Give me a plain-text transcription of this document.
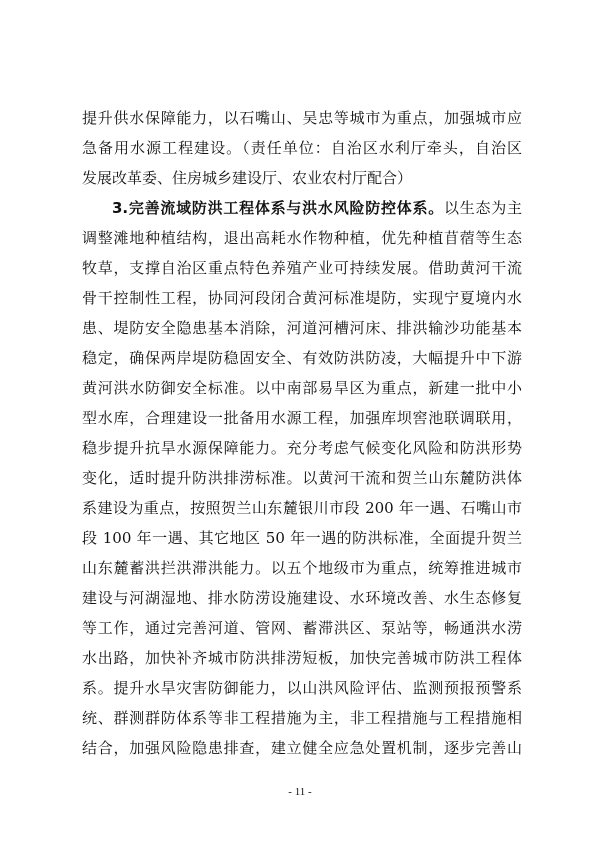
提升供水保障能力，以石嘴山、吴忠等城市为重点，加强城市应
急备用水源工程建设。（责任单位：自治区水利厅牵头，自治区
发展改革委、住房城乡建设厅、农业农村厅配合）
3.完善流域防洪工程体系与洪水风险防控体系。以生态为主
调整滩地种植结构，退出高耗水作物种植，优先种植苜蓿等生态
牧草，支撑自治区重点特色养殖产业可持续发展。借助黄河干流
骨干控制性工程，协同河段闭合黄河标准堤防，实现宁夏境内水
患、堤防安全隐患基本消除，河道河槽河床、排洪输沙功能基本
稳定，确保两岸堤防稳固安全、有效防洪防凌，大幅提升中下游
黄河洪水防御安全标准。以中南部易旱区为重点，新建一批中小
型水库，合理建设一批备用水源工程，加强库坝窖池联调联用，
稳步提升抗旱水源保障能力。充分考虑气候变化风险和防洪形势
变化，适时提升防洪排涝标准。以黄河干流和贺兰山东麓防洪体
系建设为重点，按照贺兰山东麓银川市段 200 年一遇、石嘴山市
段 100 年一遇、其它地区 50 年一遇的防洪标准，全面提升贺兰
山东麓蓄洪拦洪滞洪能力。以五个地级市为重点，统筹推进城市
建设与河湖湿地、排水防涝设施建设、水环境改善、水生态修复
等工作，通过完善河道、管网、蓄滞洪区、泵站等，畅通洪水涝
水出路，加快补齐城市防洪排涝短板，加快完善城市防洪工程体
系。提升水旱灾害防御能力，以山洪风险评估、监测预报预警系
统、群测群防体系等非工程措施为主，非工程措施与工程措施相
结合，加强风险隐患排查，建立健全应急处置机制，逐步完善山
- 11 -
